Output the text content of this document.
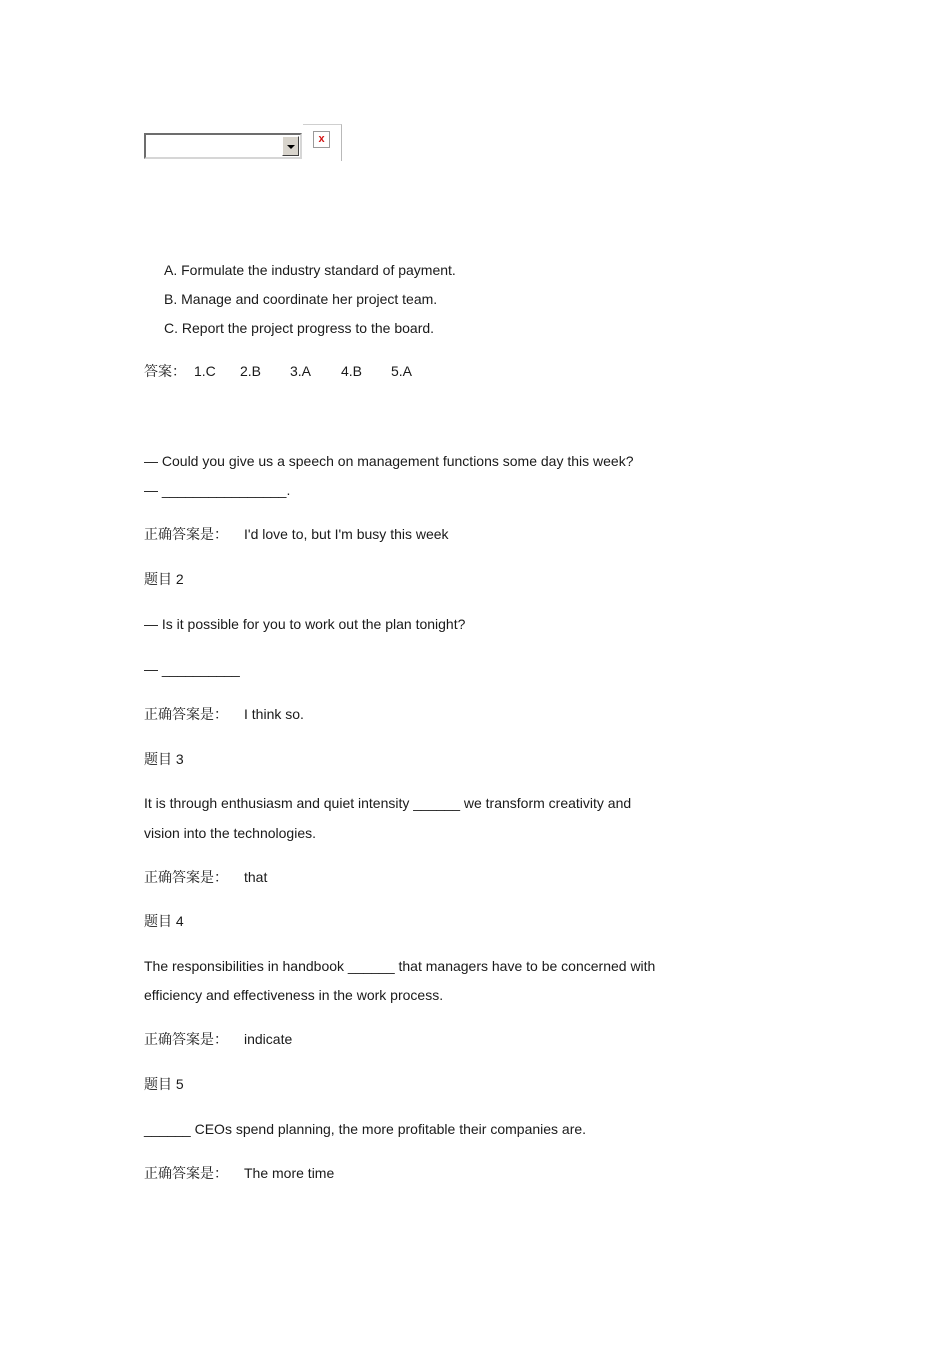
x
A. Formulate the industry standard of payment.
B. Manage and coordinate her project team.
C. Report the project progress to the board.
答案： 1.C 2.B 3.A 4.B 5.A
— Could you give us a speech on management functions some day this week?
— ________________.
正确答案是： I'd love to, but I'm busy this week
题目 2
— Is it possible for you to work out the plan tonight?
— __________
正确答案是： I think so.
题目 3
It is through enthusiasm and quiet intensity ______ we transform creativity and
vision into the technologies.
正确答案是： that
题目 4
The responsibilities in handbook ______ that managers have to be concerned with
efficiency and effectiveness in the work process.
正确答案是： indicate
题目 5
______ CEOs spend planning, the more profitable their companies are.
正确答案是： The more time
